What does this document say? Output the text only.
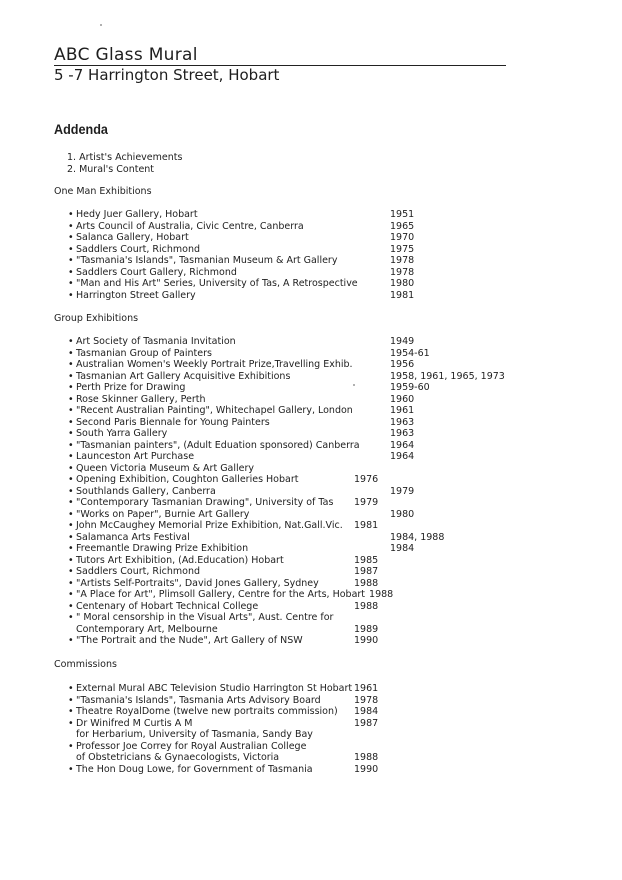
ABC Glass Mural
5 -7 Harrington Street, Hobart
Addenda
1. Artist's Achievements
2. Mural's Content
One Man Exhibitions
• Hedy Juer Gallery, Hobart	1951
• Arts Council of Australia, Civic Centre, Canberra	1965
• Salanca Gallery, Hobart	1970
• Saddlers Court, Richmond	1975
• "Tasmania's Islands", Tasmanian Museum & Art Gallery	1978
• Saddlers Court Gallery, Richmond	1978
• "Man and His Art" Series, University of Tas, A Retrospective	1980
• Harrington Street Gallery	1981
Group Exhibitions
• Art Society of Tasmania Invitation	1949
• Tasmanian Group of Painters	1954-61
• Australian Women's Weekly Portrait Prize,Travelling Exhib.	1956
• Tasmanian Art Gallery Acquisitive Exhibitions	1958, 1961, 1965, 1973
• Perth Prize for Drawing	1959-60
• Rose Skinner Gallery, Perth	1960
• "Recent Australian Painting", Whitechapel Gallery, London	1961
• Second Paris Biennale for Young Painters	1963
• South Yarra Gallery	1963
• "Tasmanian painters", (Adult Eduation sponsored) Canberra	1964
• Launceston Art Purchase	1964
• Queen Victoria Museum & Art Gallery
• Opening Exhibition, Coughton Galleries Hobart	1976
• Southlands Gallery, Canberra	1979
• "Contemporary Tasmanian Drawing", University of Tas 1979
• "Works on Paper", Burnie Art Gallery	1980
• John McCaughey Memorial Prize Exhibition, Nat.Gall.Vic. 1981
• Salamanca Arts Festival	1984, 1988
• Freemantle Drawing Prize Exhibition	1984
• Tutors Art Exhibition, (Ad.Education) Hobart	1985
• Saddlers Court, Richmond	1987
• "Artists Self-Portraits", David Jones Gallery, Sydney	1988
• "A Place for Art", Plimsoll Gallery, Centre for the Arts, Hobart 1988
• Centenary of Hobart Technical College	1988
• " Moral censorship in the Visual Arts", Aust. Centre for
Contemporary Art, Melbourne	1989
• "The Portrait and the Nude", Art Gallery of NSW	1990
Commissions
• External Mural ABC Television Studio Harrington St Hobart 1961
• "Tasmania's Islands", Tasmania Arts Advisory Board	1978
• Theatre RoyalDome (twelve new portraits commission) 1984
• Dr Winifred M Curtis A M	1987
for Herbarium, University of Tasmania, Sandy Bay
• Professor Joe Correy for Royal Australian College
of Obstetricians & Gynaecologists, Victoria	1988
• The Hon Doug Lowe, for Government of Tasmania	1990
